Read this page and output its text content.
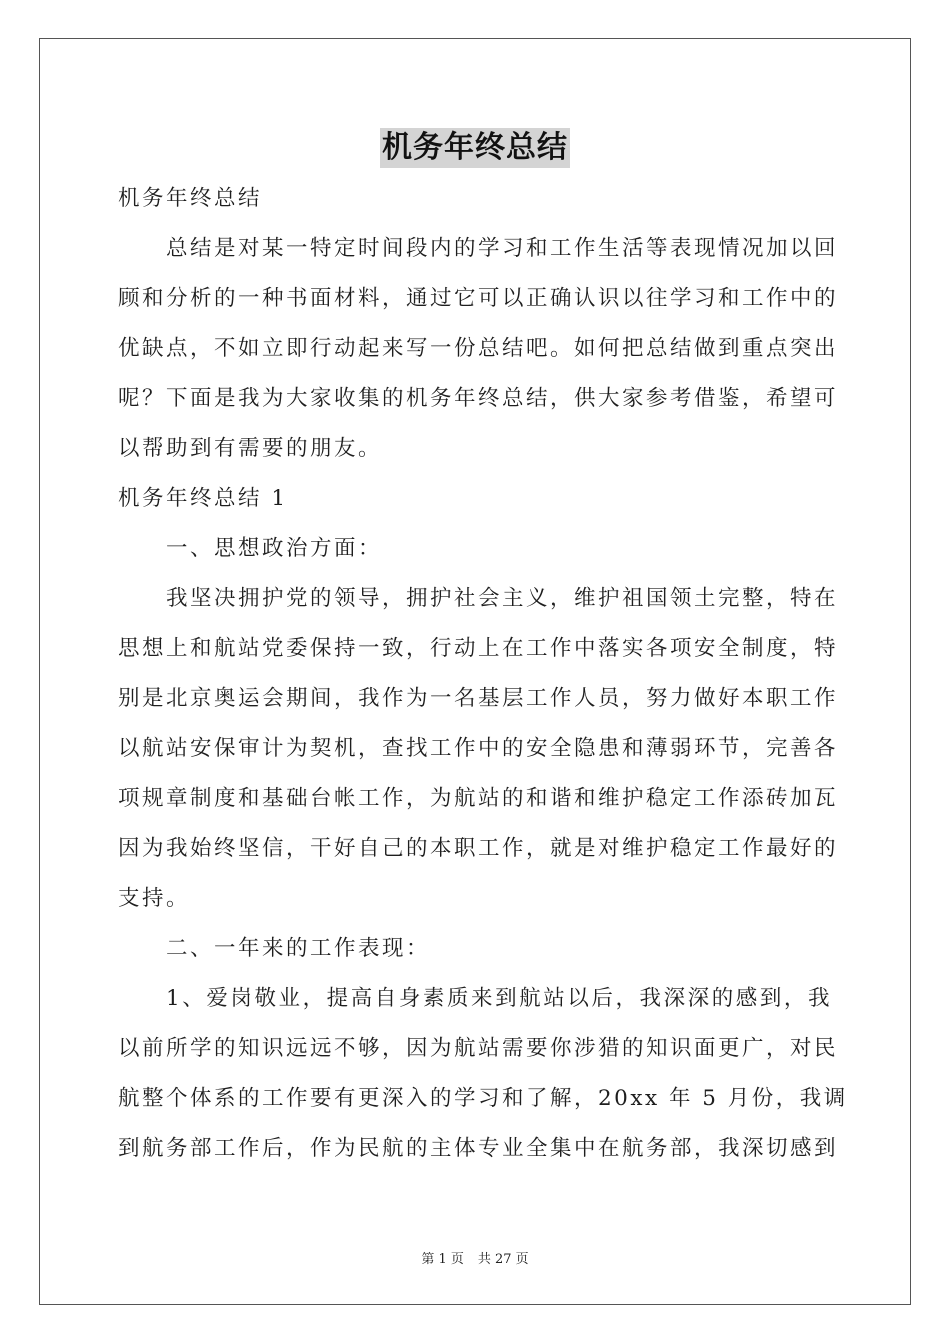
机务年终总结
机务年终总结
总结是对某一特定时间段内的学习和工作生活等表现情况加以回
顾和分析的一种书面材料，通过它可以正确认识以往学习和工作中的
优缺点，不如立即行动起来写一份总结吧。如何把总结做到重点突出
呢？下面是我为大家收集的机务年终总结，供大家参考借鉴，希望可
以帮助到有需要的朋友。
机务年终总结 1
一、思想政治方面：
我坚决拥护党的领导，拥护社会主义，维护祖国领土完整，特在
思想上和航站党委保持一致，行动上在工作中落实各项安全制度，特
别是北京奥运会期间，我作为一名基层工作人员，努力做好本职工作
以航站安保审计为契机，查找工作中的安全隐患和薄弱环节，完善各
项规章制度和基础台帐工作，为航站的和谐和维护稳定工作添砖加瓦
因为我始终坚信，干好自己的本职工作，就是对维护稳定工作最好的
支持。
二、一年来的工作表现：
1、爱岗敬业，提高自身素质来到航站以后，我深深的感到，我
以前所学的知识远远不够，因为航站需要你涉猎的知识面更广，对民
航整个体系的工作要有更深入的学习和了解，20xx 年 5 月份，我调
到航务部工作后，作为民航的主体专业全集中在航务部，我深切感到
第 1 页 共 27 页
